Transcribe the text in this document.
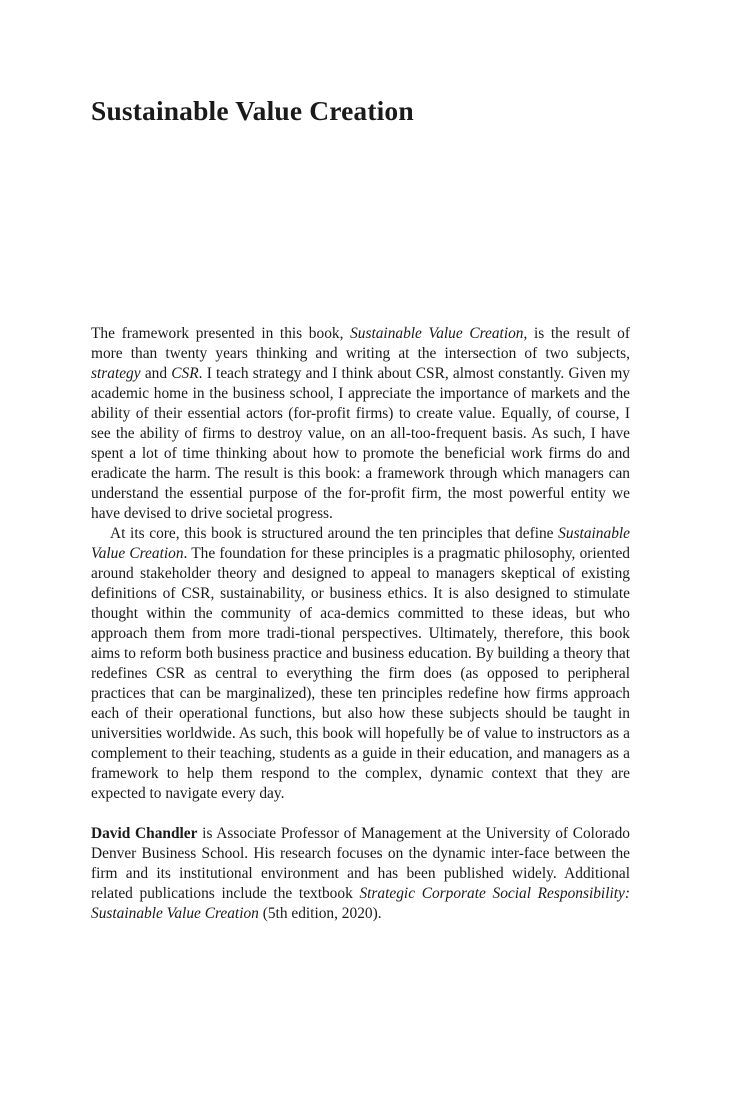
Sustainable Value Creation

The framework presented in this book, Sustainable Value Creation, is the result of more than twenty years thinking and writing at the intersection of two subjects, strategy and CSR. I teach strategy and I think about CSR, almost constantly. Given my academic home in the business school, I appreciate the importance of markets and the ability of their essential actors (for-profit firms) to create value. Equally, of course, I see the ability of firms to destroy value, on an all-too-frequent basis. As such, I have spent a lot of time thinking about how to promote the beneficial work firms do and eradicate the harm. The result is this book: a framework through which managers can understand the essential purpose of the for-profit firm, the most powerful entity we have devised to drive societal progress.

At its core, this book is structured around the ten principles that define Sustainable Value Creation. The foundation for these principles is a pragmatic philosophy, oriented around stakeholder theory and designed to appeal to managers skeptical of existing definitions of CSR, sustainability, or business ethics. It is also designed to stimulate thought within the community of aca-demics committed to these ideas, but who approach them from more tradi-tional perspectives. Ultimately, therefore, this book aims to reform both business practice and business education. By building a theory that redefines CSR as central to everything the firm does (as opposed to peripheral practices that can be marginalized), these ten principles redefine how firms approach each of their operational functions, but also how these subjects should be taught in universities worldwide. As such, this book will hopefully be of value to instructors as a complement to their teaching, students as a guide in their education, and managers as a framework to help them respond to the complex, dynamic context that they are expected to navigate every day.

David Chandler is Associate Professor of Management at the University of Colorado Denver Business School. His research focuses on the dynamic inter-face between the firm and its institutional environment and has been published widely. Additional related publications include the textbook Strategic Corporate Social Responsibility: Sustainable Value Creation (5th edition, 2020).
